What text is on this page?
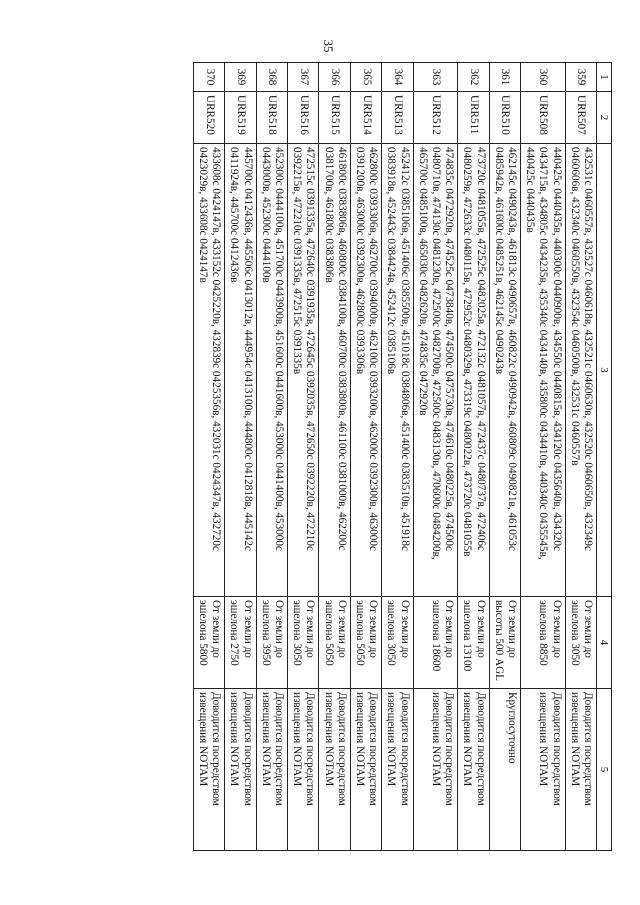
35
1	2	3	4	5
359	URR507	432531с 0460557в, 432527с 0460618в, 432521с 0460630в, 432520с 0460650в, 432349с 0460606в, 432340с 0460550в, 432354с 0460500в, 432531с 0460557в	От земли до эшелона 3050	Доводится посредством извещения NOTAM
360	URR508	440425с 0440435в, 440300с 0440900в, 434550с 0440815в, 434120с 0435640в, 434320с 0434715в, 434805с 0434235в, 435340с 0434140в, 435800с 0434410в, 440340с 0435545в, 440425с 0440435в	От земли до эшелона 8850	Доводится посредством извещения NOTAM
361	URR510	462145с 0490243в, 461813с 0490657в, 460822с 0490942в, 460809с 0490821в, 461053с 0485942в, 461600с 0485251в, 462145с 0490243в	От земли до высоты 500 AGL	Круглосуточно
362	URR511	473720с 0481055в, 472525с 0482025в, 472132с 0481057в, 472437с 0480737в, 472406с 0480259в, 472633с 0480115в, 472952с 0480329в, 473319с 0480022в, 473720с 0481055в	От земли до эшелона 13100	Доводится посредством извещения NOTAM
363	URR512	474835с 0472920в, 474525с 0473840в, 474500с 0475730в, 474610с 0480225в, 474500с 0480710в, 474130с 0481230в, 472500с 0482700в, 472500с 0483130в, 470600с 0484200в, 465700с 0485100в, 465030с 0482620в, 474835с 0472920в	От земли до эшелона 18600	Доводится посредством извещения NOTAM
364	URR513	452412с 0385106в, 451406с 0385500в, 451018с 0384806в, 451400с 0383510в, 451918с 0383918в, 452443с 0384424в, 452412с 0385106в	От земли до эшелона 3050	Доводится посредством извещения NOTAM
365	URR514	462800с 0393306в, 462700с 0394000в, 462100с 0393200в, 462000с 0392300в, 463000с 0391200в, 463000с 0392300в, 462800с 0393306в	От земли до эшелона 5050	Доводится посредством извещения NOTAM
366	URR515	461800с 0383806в, 460800с 0384100в, 460700с 0383800в, 461100с 0381000в, 462200с 0381700в, 461800с 0383806в	От земли до эшелона 5050	Доводится посредством извещения NOTAM
367	URR516	472515с 0391335в, 472640с 0391935в, 472645с 0392035в, 472650с 0392220в, 472210с 0392215в, 472210с 0391335в, 472515с 0391335в	От земли до эшелона 3050	Доводится посредством извещения NOTAM
368	URR518	452300с 0444100в, 451700с 0443900в, 451600с 0441600в, 453000с 0441400в, 453000с 0443000в, 452300с 0444100в	От земли до эшелона 3950	Доводится посредством извещения NOTAM
369	URR519	445700с 0412436в, 445506с 0413012в, 444954с 0413100в, 444800с 0412818в, 445142с 0411924в, 445700с 0412436в	От земли до эшелона 2750	Доводится посредством извещения NOTAM
370	URR520	433608с 0424147в, 433152с 0425220в, 432839с 0425356в, 432031с 0424347в, 432720с 0423029в, 433608с 0424147в	От земли до эшелона 5800	Доводится посредством извещения NOTAM
